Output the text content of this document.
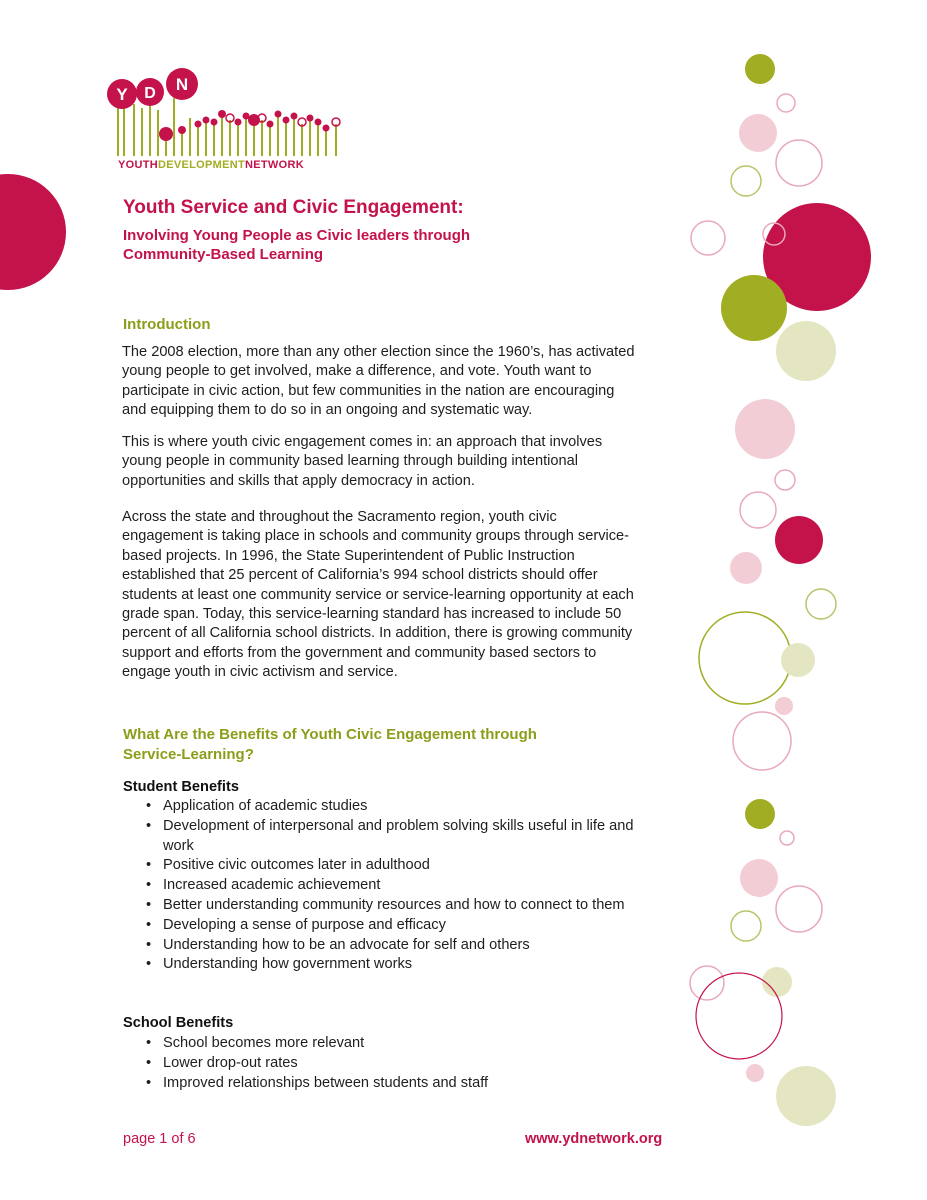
Y D N
YOUTHDEVELOPMENTNETWORK
Youth Service and Civic Engagement:
Involving Young People as Civic leaders through
Community-Based Learning
Introduction

The 2008 election, more than any other election since the 1960’s, has activated young people to get involved, make a difference, and vote. Youth want to participate in civic action, but few communities in the nation are encouraging and equipping them to do so in an ongoing and systematic way.

This is where youth civic engagement comes in: an approach that involves young people in community based learning through building intentional opportunities and skills that apply democracy in action.

Across the state and throughout the Sacramento region, youth civic engagement is taking place in schools and community groups through service-based projects. In 1996, the State Superintendent of Public Instruction established that 25 percent of California’s 994 school districts should offer students at least one community service or service-learning opportunity at each grade span. Today, this service-learning standard has increased to include 50 percent of all California school districts. In addition, there is growing community support and efforts from the government and community based sectors to engage youth in civic activism and service.

What Are the Benefits of Youth Civic Engagement through
Service-Learning?
Student Benefits
• Application of academic studies
• Development of interpersonal and problem solving skills useful in life and work
• Positive civic outcomes later in adulthood
• Increased academic achievement
• Better understanding community resources and how to connect to them
• Developing a sense of purpose and efficacy
• Understanding how to be an advocate for self and others
• Understanding how government works
School Benefits
• School becomes more relevant
• Lower drop-out rates
• Improved relationships between students and staff
page 1 of 6	www.ydnetwork.org
